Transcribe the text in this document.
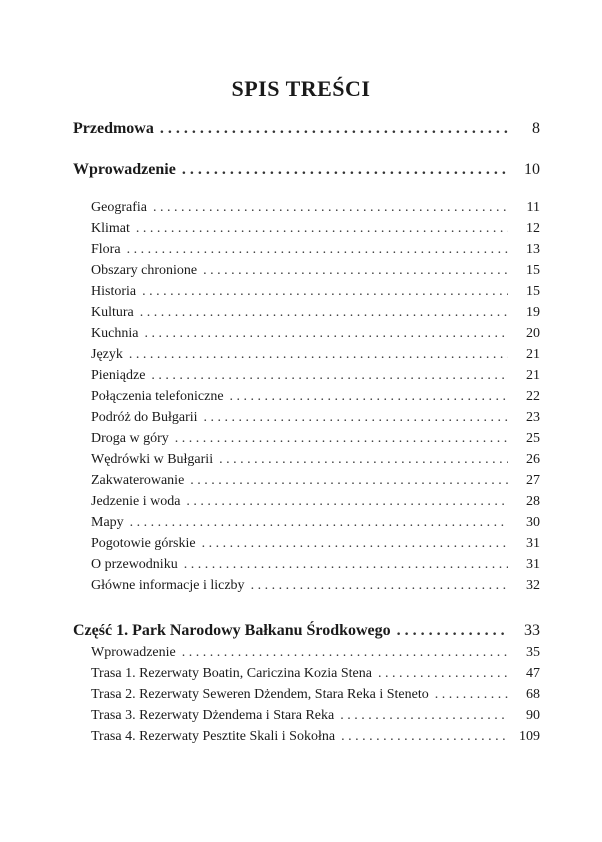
SPIS TREŚCI
Przedmowa . . .	8
Wprowadzenie . . .	10
Geografia . . .	11
Klimat . . .	12
Flora . . .	13
Obszary chronione . . .	15
Historia . . .	15
Kultura . . .	19
Kuchnia . . .	20
Język . . .	21
Pieniądze . . .	21
Połączenia telefoniczne . . .	22
Podróż do Bułgarii . . .	23
Droga w góry . . .	25
Wędrówki w Bułgarii . . .	26
Zakwaterowanie . . .	27
Jedzenie i woda . . .	28
Mapy . . .	30
Pogotowie górskie . . .	31
O przewodniku . . .	31
Główne informacje i liczby . . .	32
Część 1. Park Narodowy Bałkanu Środkowego . . .	33
Wprowadzenie . . .	35
Trasa 1. Rezerwaty Boatin, Cariczina Kozia Stena . . .	47
Trasa 2. Rezerwaty Seweren Dżendem, Stara Reka i Steneto . . .	68
Trasa 3. Rezerwaty Dżendema i Stara Reka . . .	90
Trasa 4. Rezerwaty Pesztite Skali i Sokołna . . .	109
